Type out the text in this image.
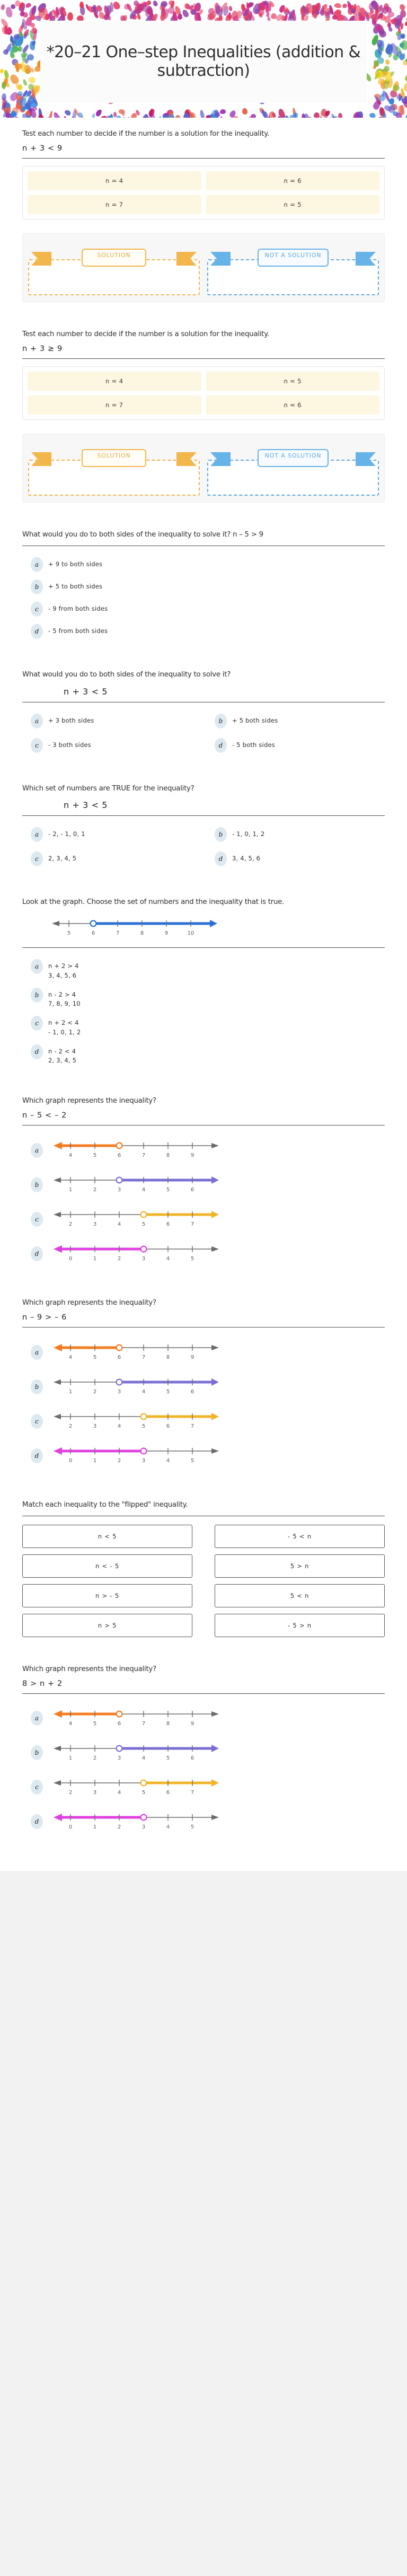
*20–21 One–step Inequalities (addition & subtraction)
Test each number to decide if the number is a solution for the inequality.
n + 3 < 9
n = 4	n = 6
n = 7	n = 5
SOLUTION	NOT A SOLUTION
Test each number to decide if the number is a solution for the inequality.
n + 3 ≥ 9
n = 4	n = 5
n = 7	n = 6
SOLUTION	NOT A SOLUTION
What would you do to both sides of the inequality to solve it? n – 5 > 9
a	+ 9 to both sides
b	+ 5 to both sides
c	- 9 from both sides
d	- 5 from both sides
What would you do to both sides of the inequality to solve it?
n + 3 < 5
a	+ 3 both sides	b	+ 5 both sides
c	- 3 both sides	d	- 5 both sides
Which set of numbers are TRUE for the inequality?
n + 3 < 5
a	- 2, - 1, 0, 1	b	- 1, 0, 1, 2
c	2, 3, 4, 5	d	3, 4, 5, 6
Look at the graph. Choose the set of numbers and the inequality that is true.
5	6	7	8	9	10
a	n + 2 > 4
3, 4, 5, 6
b	n - 2 > 4
7, 8, 9, 10
c	n + 2 < 4
- 1, 0, 1, 2
d	n - 2 < 4
2, 3, 4, 5
Which graph represents the inequality?
n – 5 < – 2
a
4	5	6	7	8	9
b
1	2	3	4	5	6
c
2	3	4	5	6	7
d
0	1	2	3	4	5
Which graph represents the inequality?
n – 9 > – 6
a
4	5	6	7	8	9
b
1	2	3	4	5	6
c
2	3	4	5	6	7
d
0	1	2	3	4	5
Match each inequality to the "flipped" inequality.
n < 5	- 5 < n
n < - 5	5 > n
n > - 5	5 < n
n > 5	- 5 > n
Which graph represents the inequality?
8 > n + 2
a
4	5	6	7	8	9
b
1	2	3	4	5	6
c
2	3	4	5	6	7
d
0	1	2	3	4	5
